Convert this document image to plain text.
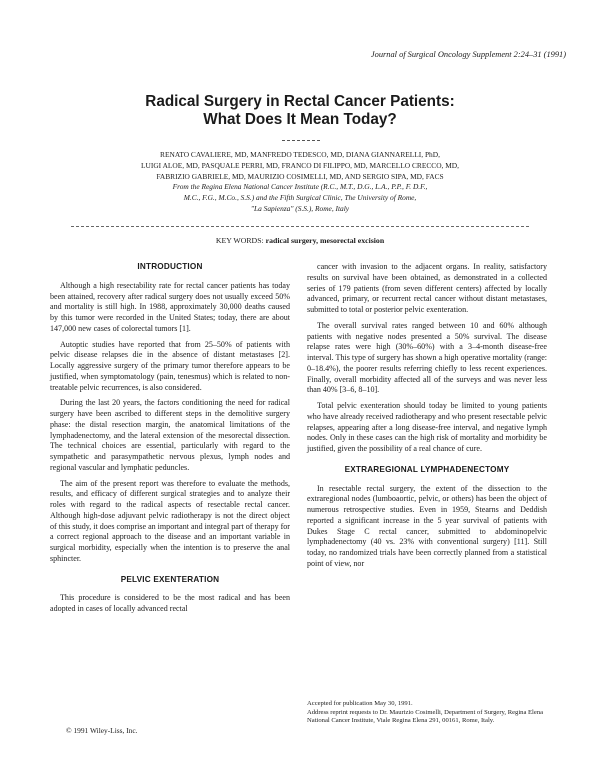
Journal of Surgical Oncology Supplement 2:24–31 (1991)
Radical Surgery in Rectal Cancer Patients:
What Does It Mean Today?
RENATO CAVALIERE, MD, MANFREDO TEDESCO, MD, DIANA GIANNARELLI, PhD,
LUIGI ALOE, MD, PASQUALE PERRI, MD, FRANCO DI FILIPPO, MD, MARCELLO CRECCO, MD,
FABRIZIO GABRIELE, MD, MAURIZIO COSIMELLI, MD, AND SERGIO SIPA, MD, FACS
From the Regina Elena National Cancer Institute (R.C., M.T., D.G., L.A., P.P., F. D.F.,
M.C., F.G., M.Co., S.S.) and the Fifth Surgical Clinic, The University of Rome,
"La Sapienza" (S.S.), Rome, Italy
KEY WORDS: radical surgery, mesorectal excision
INTRODUCTION

Although a high resectability rate for rectal cancer patients has today been attained, recovery after radical surgery does not usually exceed 50% and mortality is still high. In 1988, approximately 30,000 deaths caused by this tumor were recorded in the United States; today, there are about 147,000 new cases of colorectal tumors [1].

Autoptic studies have reported that from 25–50% of patients with pelvic disease relapses die in the absence of distant metastases [2]. Locally aggressive surgery of the primary tumor therefore appears to be justified, when symptomatology (pain, tenesmus) which is related to non-treatable pelvic recurrences, is also considered.

During the last 20 years, the factors conditioning the need for radical surgery have been ascribed to different steps in the demolitive surgery phase: the distal resection margin, the anatomical limitations of the lymphadenectomy, and the lateral extension of the mesorectal dissection. The technical choices are essential, particularly with regard to the sympathetic and parasympathetic nervous plexus, lymph nodes and regional vascular and lymphatic peduncles.

The aim of the present report was therefore to evaluate the methods, results, and efficacy of different surgical strategies and to analyze their roles with regard to the radical aspects of resectable rectal cancer. Although high-dose adjuvant pelvic radiotherapy is not the direct object of this study, it does comprise an important and integral part of therapy for a correct regional approach to the disease and an important variable in surgical morbidity, especially when the intention is to preserve the anal sphincter.

PELVIC EXENTERATION

This procedure is considered to be the most radical and has been adopted in cases of locally advanced rectal

cancer with invasion to the adjacent organs. In reality, satisfactory results on survival have been obtained, as demonstrated in a collected series of 179 patients (from seven different centers) affected by locally advanced, primary, or recurrent rectal cancer without distant metastases, submitted to total or posterior pelvic exenteration.

The overall survival rates ranged between 10 and 60% although patients with negative nodes presented a 50% survival. The disease relapse rates were high (30%–60%) with a 3–4-month disease-free interval. This type of surgery has shown a high operative mortality (range: 0–18.4%), the poorer results referring chiefly to less recent experiences. Finally, overall morbidity affected all of the surveys and was never less than 40% [3–6, 8–10].

Total pelvic exenteration should today be limited to young patients who have already received radiotherapy and who present resectable pelvic relapses, appearing after a long disease-free interval, and negative lymph nodes. Only in these cases can the high risk of mortality and morbidity be justified, given the possibility of a real chance of cure.

EXTRAREGIONAL LYMPHADENECTOMY

In resectable rectal surgery, the extent of the dissection to the extraregional nodes (lumboaortic, pelvic, or others) has been the object of numerous retrospective studies. Even in 1959, Stearns and Deddish reported a significant increase in the 5 year survival of patients with Dukes Stage C rectal cancer, submitted to abdominopelvic lymphadenectomy (40 vs. 23% with conventional surgery) [11]. Still today, no randomized trials have been correctly planned from a statistical point of view, nor

Accepted for publication May 30, 1991.

Address reprint requests to Dr. Maurizio Cosimelli, Department of Surgery, Regina Elena National Cancer Institute, Viale Regina Elena 291, 00161, Rome, Italy.

© 1991 Wiley-Liss, Inc.
